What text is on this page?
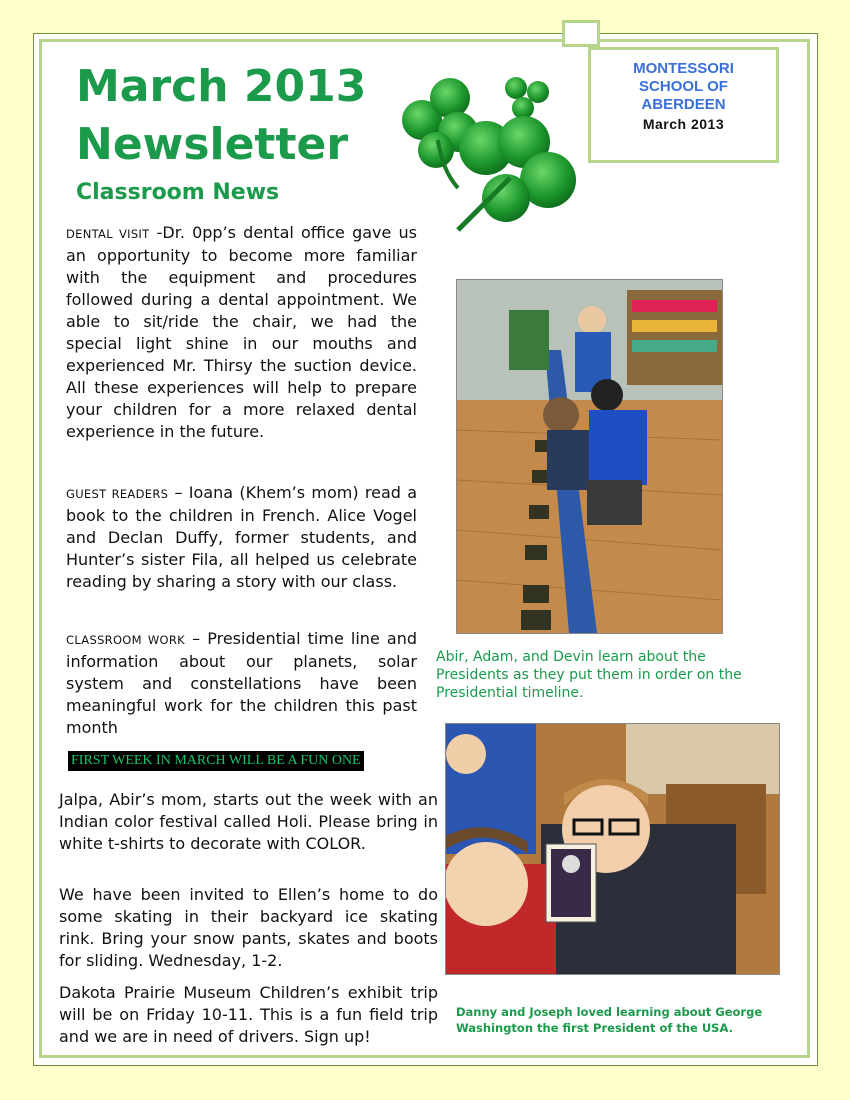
March 2013
Newsletter
Classroom News
MONTESSORI
SCHOOL OF
ABERDEEN
March 2013

DENTAL VISIT -Dr. 0pp’s dental office gave us an opportunity to become more familiar with the equipment and procedures followed during a dental appointment. We able to sit/ride the chair, we had the special light shine in our mouths and experienced Mr. Thirsy the suction device. All these experiences will help to prepare your children for a more relaxed dental experience in the future.

GUEST READERS – Ioana (Khem’s mom) read a book to the children in French. Alice Vogel and Declan Duffy, former students, and Hunter’s sister Fila, all helped us celebrate reading by sharing a story with our class.

CLASSROOM WORK – Presidential time line and information about our planets, solar system and constellations have been meaningful work for the children this past month

FIRST WEEK IN MARCH WILL BE A FUN ONE

Jalpa, Abir’s mom, starts out the week with an Indian color festival called Holi. Please bring in white t-shirts to decorate with COLOR.

We have been invited to Ellen’s home to do some skating in their backyard ice skating rink. Bring your snow pants, skates and boots for sliding. Wednesday, 1-2.

Dakota Prairie Museum Children’s exhibit trip will be on Friday 10-11. This is a fun field trip and we are in need of drivers. Sign up!

Abir, Adam, and Devin learn about the Presidents as they put them in order on the Presidential timeline.

Danny and Joseph loved learning about George Washington the first President of the USA.
